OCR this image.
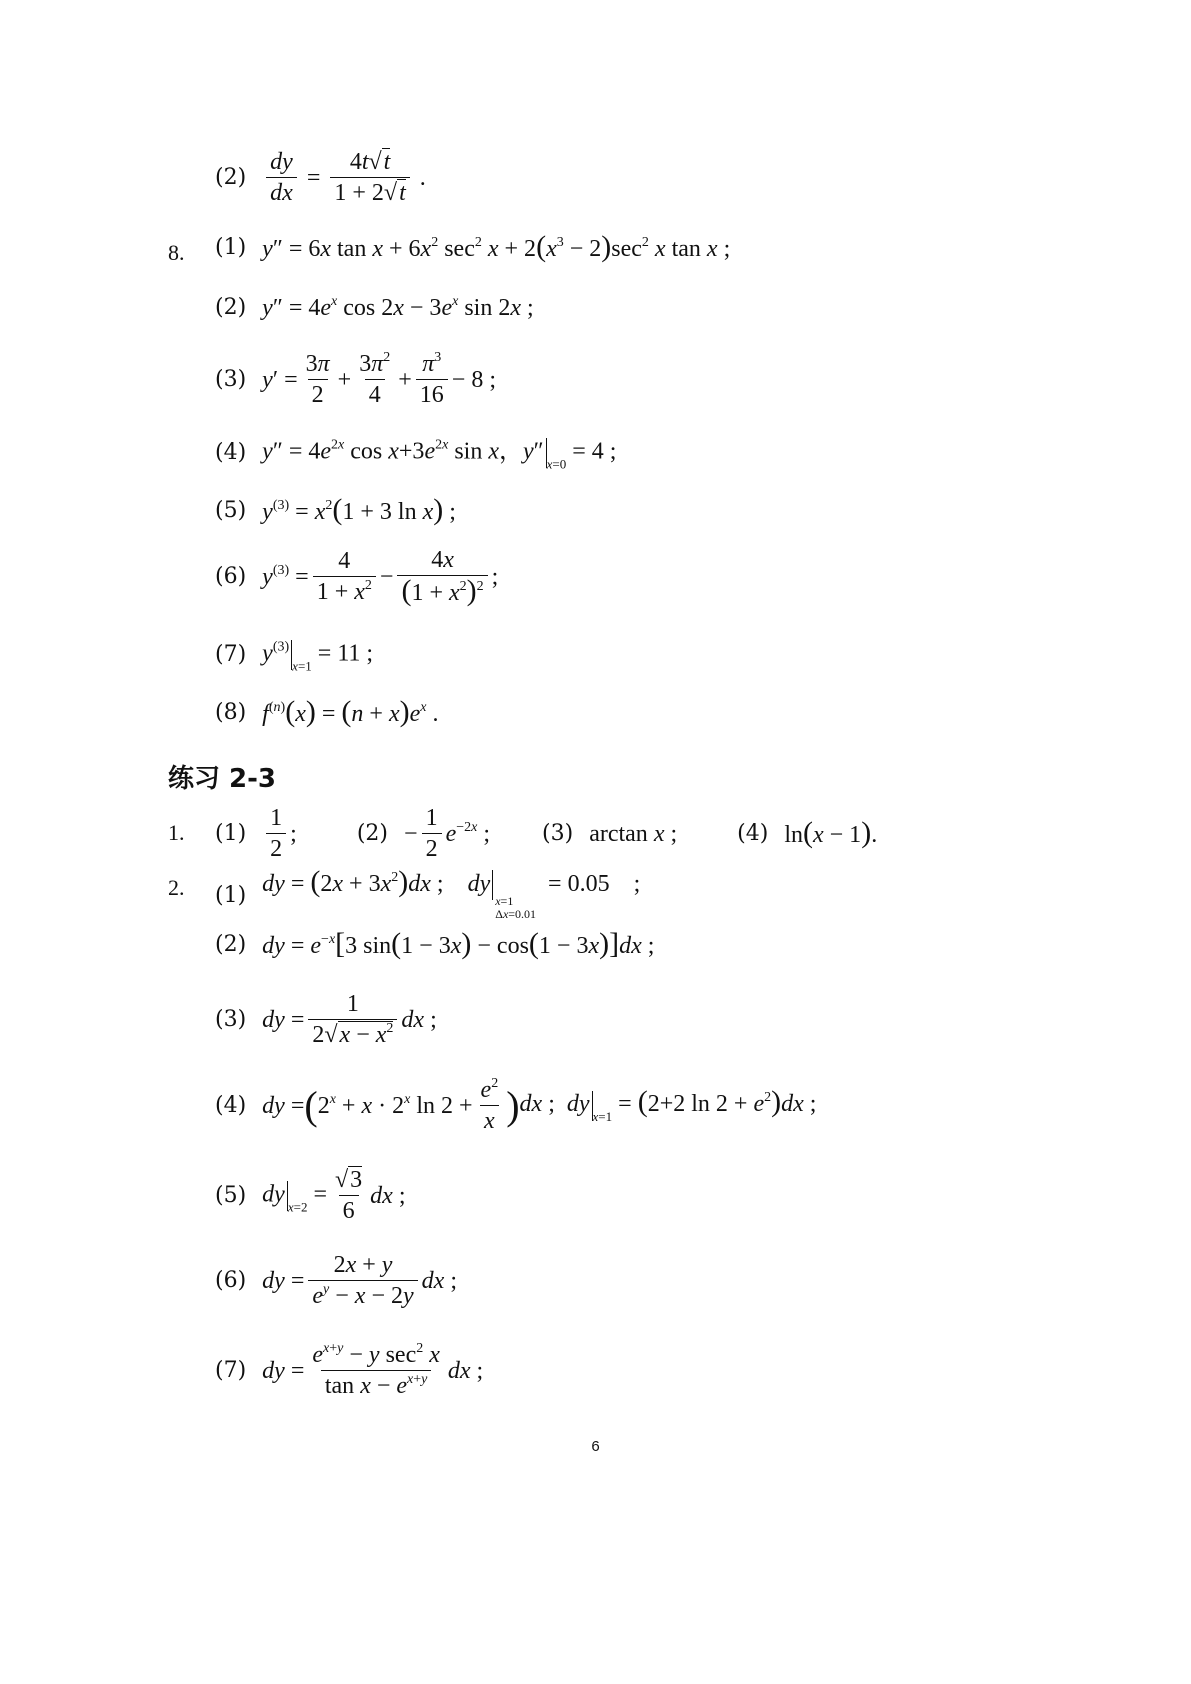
$(2) \frac{dy}{dx} = \frac{4t√t}{1 + 2√t}$ .
8. (1) y″ = 6x $\tan x + 6x^2$ $\sec^2 x + 2(x^3 - 2)\sec^2$ x tan x ;
(2) $y'' = 4e^x$ $\cos 2x - 3e^x$ sin 2x ;
(3) $y' = \frac{3\pi}{2} + \frac{3\pi^2}{4} + \frac{\pi^3}{16} - 8$ ;
(4) $y'' = 4e^{2x}$ $\cos x+3e^{2x}$ sin x，y″ $_{x=0}$ = 4 ;
(5) $y^{(3)} = x^2(1 + 3$ ln x) ;
(6) $y^{(3)} = \frac{4}{1 + x^2} - \frac{4x}{(1 + x^2)^2}$ ;
(7) $y^{(3)}_{x=1} = 11$ ;
(8) $f^{(n)}(x) = (n + x)e^x$ .
练习 2-3
1. $(1) \frac{1}{2}$ ;	$(2) - \frac{1}{2} e^{-2x}$ ; (3) arctan x ;	(4) ln(x − 1).
2. (1) dy = $(2x + 3x^2)dx$ ;    dy
x=1
Δx=0.01
= 0.05    ;
(2) dy = $e^{-x}[3$ sin(1 − 3x) − cos(1 − 3x)]dx ;
(3) dy = $\frac{1}{2√x - x^2}$ dx ;
(4) dy = ( $2^x + x \cdot 2^x$ $\ln 2 + \frac{e^2}{x}$ ) dx ;  dy $_{x=1}$ = (2+2 $\ln 2 + e^2)dx$ ;
(5) dy $_{x=2} = \frac{√3}{6}$ dx ;
(6) dy = $\frac{2x + y}{e^y - x - 2y}$ dx ;
(7) dy = $\frac{e^{x+y} - y \sec^2 x}{\tan x - e^{x+y}}$ dx ;
6
